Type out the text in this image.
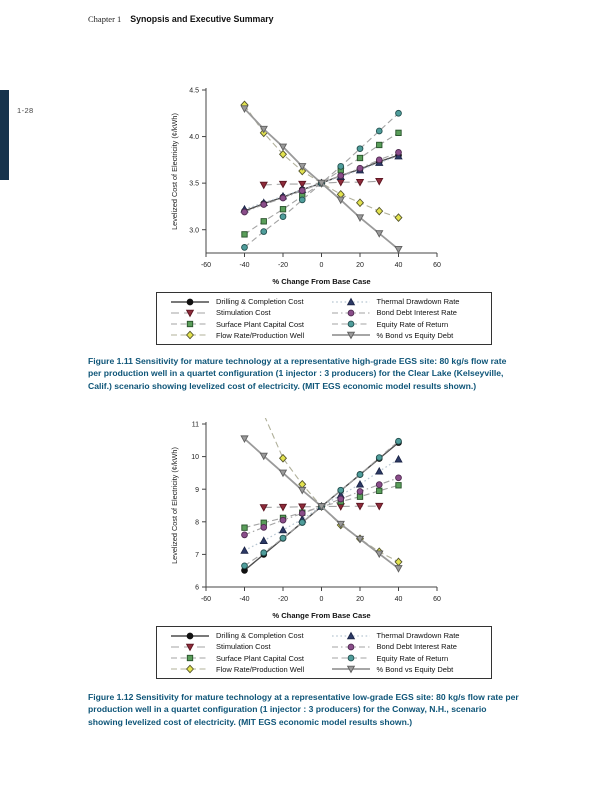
Chapter 1 Synopsis and Executive Summary
1-28
3.0
3.5
4.0
4.5
-60	-40	-20	0	20	40	60
% Change From Base Case
Levelized Cost of Electricity (¢/kWh)
Drilling & Completion Cost
Stimulation Cost
Surface Plant Capital Cost
Flow Rate/Production Well
Thermal Drawdown Rate
Bond Debt Interest Rate
Equity Rate of Return
% Bond vs Equity Debt
Figure 1.11 Sensitivity for mature technology at a representative high-grade EGS site: 80 kg/s flow rate
per production well in a quartet configuration (1 injector : 3 producers) for the Clear Lake (Kelseyville,
Calif.) scenario showing levelized cost of electricity. (MIT EGS economic model results shown.)
6
7
8
9
10
11
-60	-40	-20	0	20	40	60
% Change From Base Case
Levelized Cost of Electricity (¢/kWh)
Drilling & Completion Cost
Stimulation Cost
Surface Plant Capital Cost
Flow Rate/Production Well
Thermal Drawdown Rate
Bond Debt Interest Rate
Equity Rate of Return
% Bond vs Equity Debt
Figure 1.12 Sensitivity for mature technology at a representative low-grade EGS site: 80 kg/s flow rate per
production well in a quartet configuration (1 injector : 3 producers) for the Conway, N.H., scenario
showing levelized cost of electricity. (MIT EGS economic model results shown.)
